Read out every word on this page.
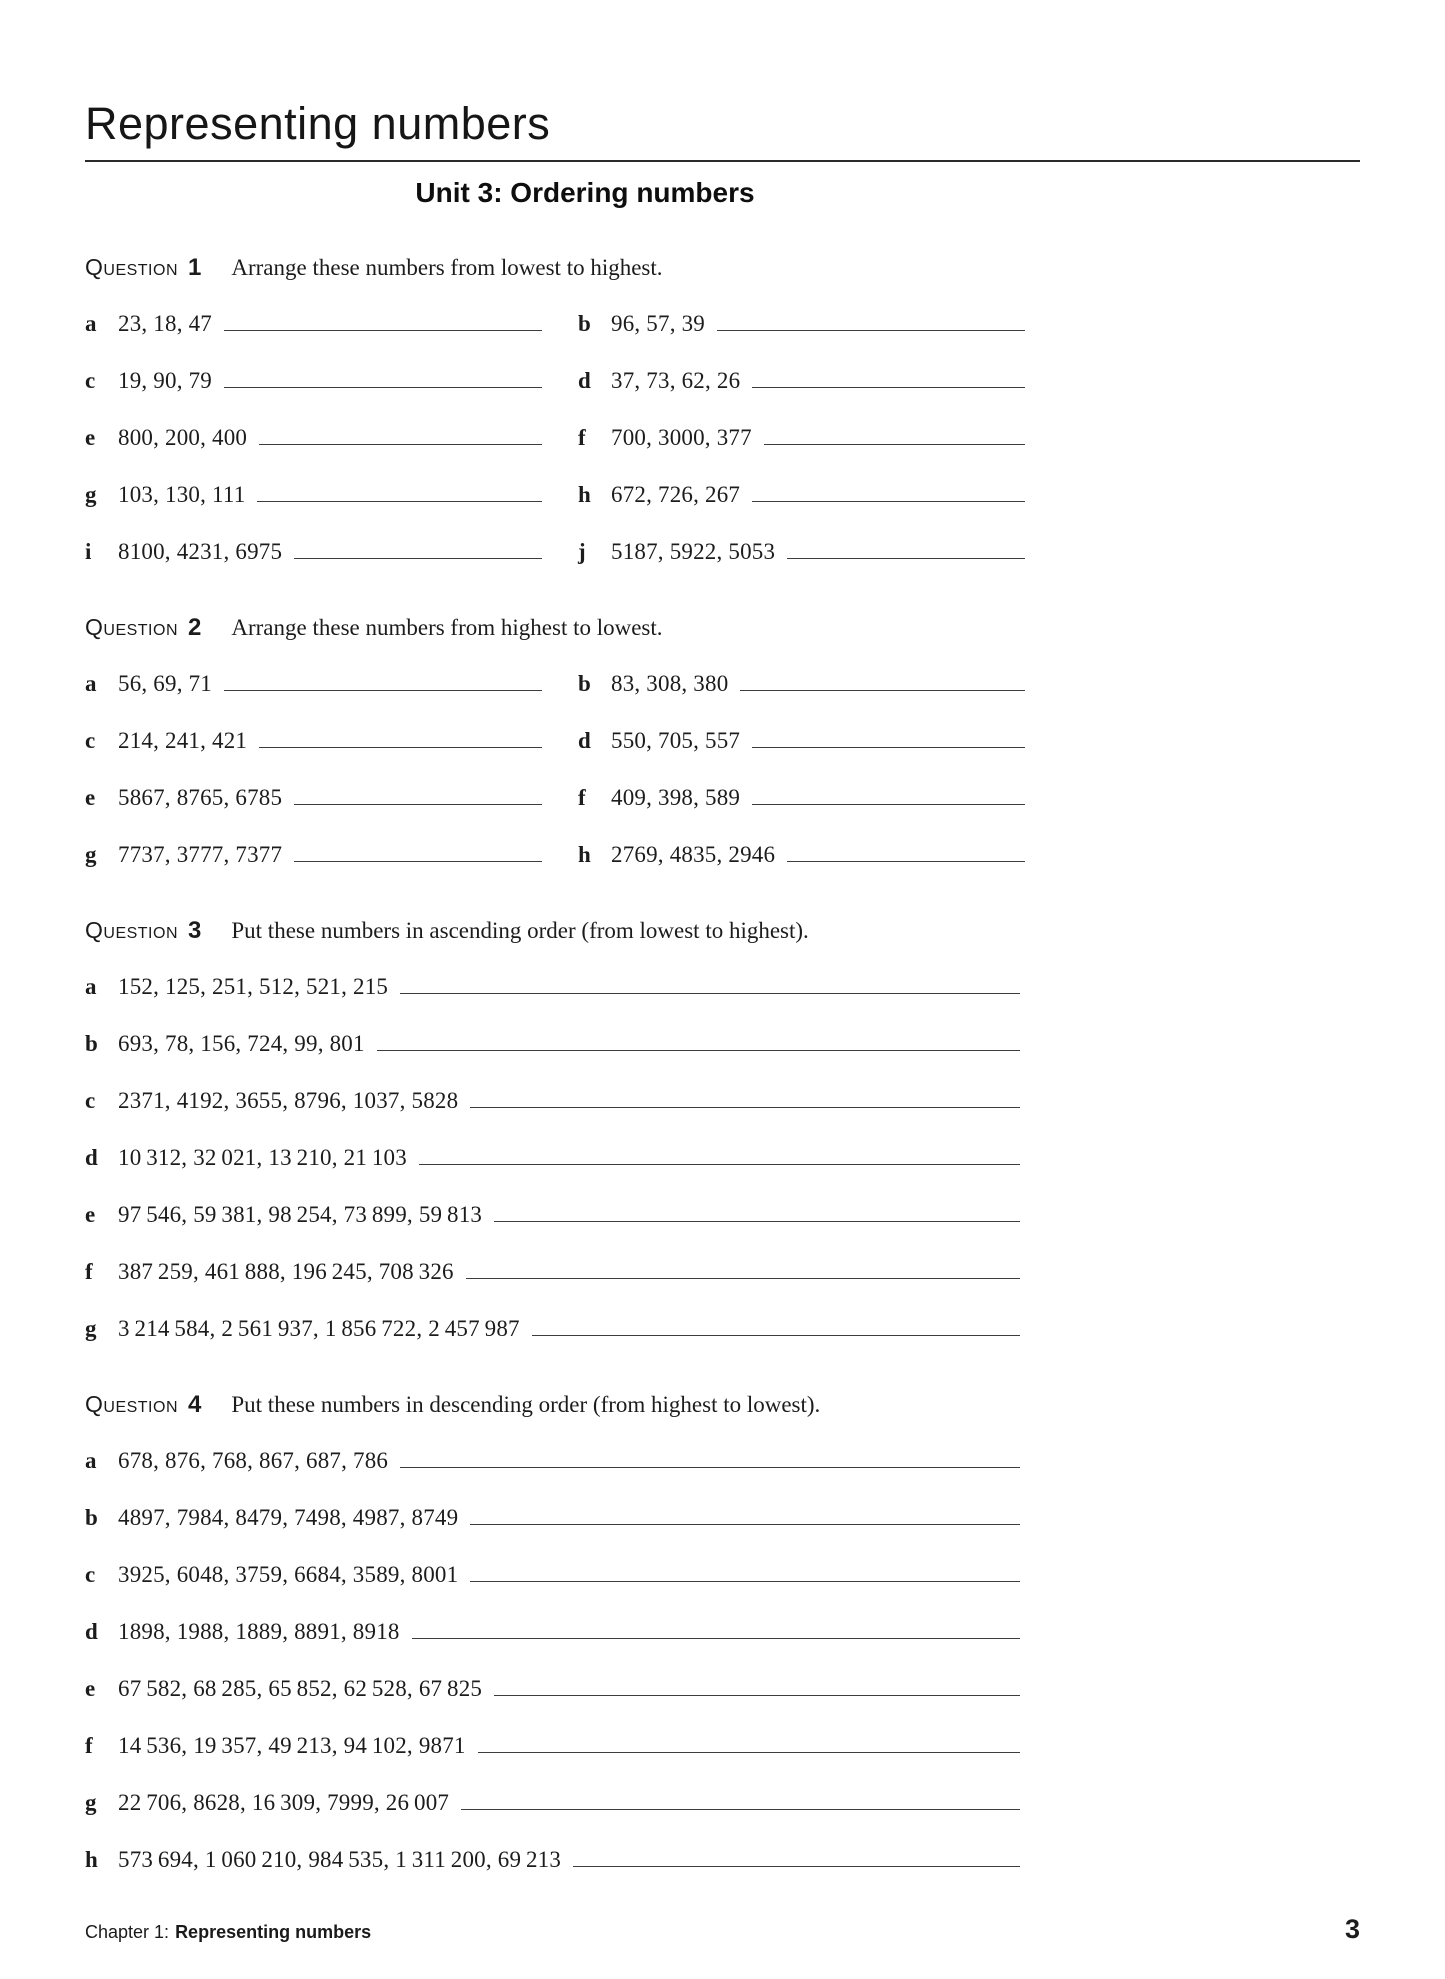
Representing numbers
Unit 3: Ordering numbers
Question 1 Arrange these numbers from lowest to highest.
a 23, 18, 47	b 96, 57, 39
c 19, 90, 79	d 37, 73, 62, 26
e 800, 200, 400	f	700, 3000, 377
g 103, 130, 111	h 672, 726, 267
i	8100, 4231, 6975	j	5187, 5922, 5053
Question 2 Arrange these numbers from highest to lowest.
a 56, 69, 71	b 83, 308, 380
c 214, 241, 421	d 550, 705, 557
e 5867, 8765, 6785	f	409, 398, 589
g 7737, 3777, 7377	h 2769, 4835, 2946
Question 3 Put these numbers in ascending order (from lowest to highest).
a 152, 125, 251, 512, 521, 215
b 693, 78, 156, 724, 99, 801
c 2371, 4192, 3655, 8796, 1037, 5828
d 10 312, 32 021, 13 210, 21 103
e 97 546, 59 381, 98 254, 73 899, 59 813
f	387 259, 461 888, 196 245, 708 326
g 3 214 584, 2 561 937, 1 856 722, 2 457 987
Question 4 Put these numbers in descending order (from highest to lowest).
a 678, 876, 768, 867, 687, 786
b 4897, 7984, 8479, 7498, 4987, 8749
c 3925, 6048, 3759, 6684, 3589, 8001
d 1898, 1988, 1889, 8891, 8918
e 67 582, 68 285, 65 852, 62 528, 67 825
f	14 536, 19 357, 49 213, 94 102, 9871
g 22 706, 8628, 16 309, 7999, 26 007
h 573 694, 1 060 210, 984 535, 1 311 200, 69 213
Chapter 1: Representing numbers	3
